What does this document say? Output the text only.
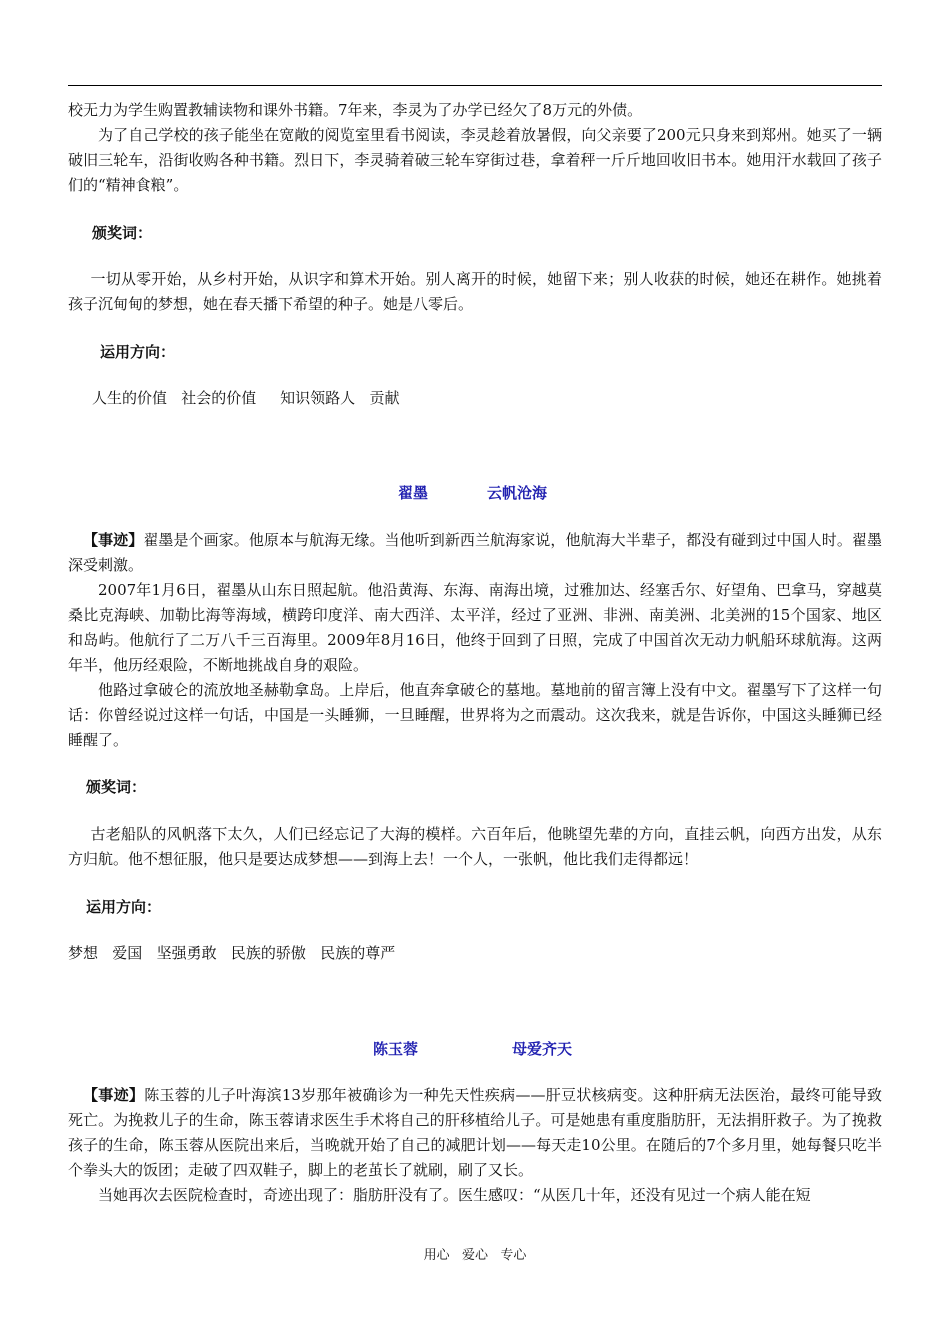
校无力为学生购置教辅读物和课外书籍。7年来，李灵为了办学已经欠了8万元的外债。

为了自己学校的孩子能坐在宽敞的阅览室里看书阅读，李灵趁着放暑假，向父亲要了200元只身来到郑州。她买了一辆破旧三轮车，沿街收购各种书籍。烈日下，李灵骑着破三轮车穿街过巷，拿着秤一斤斤地回收旧书本。她用汗水载回了孩子们的“精神食粮”。

颁奖词：

一切从零开始，从乡村开始，从识字和算术开始。别人离开的时候，她留下来；别人收获的时候，她还在耕作。她挑着孩子沉甸甸的梦想，她在春天播下希望的种子。她是八零后。

运用方向：

人生的价值   社会的价值     知识领路人   贡献

翟墨	云帆沧海

【事迹】翟墨是个画家。他原本与航海无缘。当他听到新西兰航海家说，他航海大半辈子，都没有碰到过中国人时。翟墨深受刺激。

2007年1月6日，翟墨从山东日照起航。他沿黄海、东海、南海出境，过雅加达、经塞舌尔、好望角、巴拿马，穿越莫桑比克海峡、加勒比海等海域，横跨印度洋、南大西洋、太平洋，经过了亚洲、非洲、南美洲、北美洲的15个国家、地区和岛屿。他航行了二万八千三百海里。2009年8月16日，他终于回到了日照，完成了中国首次无动力帆船环球航海。这两年半，他历经艰险，不断地挑战自身的艰险。

他路过拿破仑的流放地圣赫勒拿岛。上岸后，他直奔拿破仑的墓地。墓地前的留言簿上没有中文。翟墨写下了这样一句话：你曾经说过这样一句话，中国是一头睡狮，一旦睡醒，世界将为之而震动。这次我来，就是告诉你，中国这头睡狮已经睡醒了。

颁奖词：

古老船队的风帆落下太久，人们已经忘记了大海的模样。六百年后，他眺望先辈的方向，直挂云帆，向西方出发，从东方归航。他不想征服，他只是要达成梦想——到海上去！一个人，一张帆，他比我们走得都远！

运用方向：

梦想   爱国   坚强勇敢   民族的骄傲   民族的尊严

陈玉蓉	母爱齐天

【事迹】陈玉蓉的儿子叶海滨13岁那年被确诊为一种先天性疾病——肝豆状核病变。这种肝病无法医治，最终可能导致死亡。为挽救儿子的生命，陈玉蓉请求医生手术将自己的肝移植给儿子。可是她患有重度脂肪肝，无法捐肝救子。为了挽救孩子的生命，陈玉蓉从医院出来后，当晚就开始了自己的减肥计划——每天走10公里。在随后的7个多月里，她每餐只吃半个拳头大的饭团；走破了四双鞋子，脚上的老茧长了就刷，刷了又长。

当她再次去医院检查时，奇迹出现了：脂肪肝没有了。医生感叹：“从医几十年，还没有见过一个病人能在短

用心   爱心   专心
